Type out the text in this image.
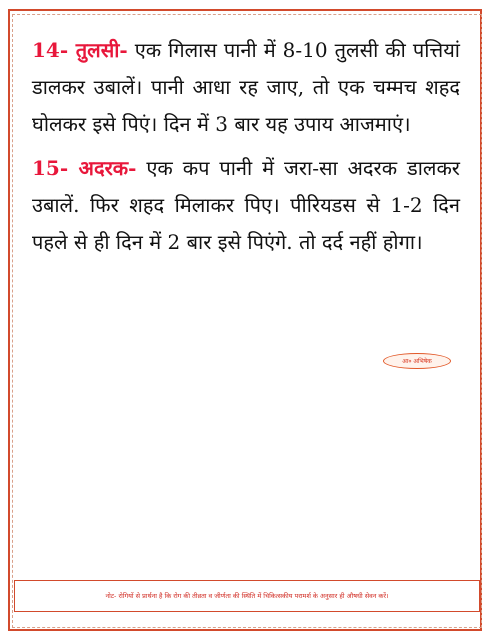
14- तुलसी- एक गिलास पानी में 8-10 तुलसी की पत्तियां डालकर उबालें। पानी आधा रह जाए, तो एक चम्मच शहद घोलकर इसे पिएं। दिन में 3 बार यह उपाय आजमाएं।

15- अदरक- एक कप पानी में जरा-सा अदरक डालकर उबालें. फिर शहद मिलाकर पिए। पीरियडस से 1-2 दिन पहले से ही दिन में 2 बार इसे पिएंगे. तो दर्द नहीं होगा।

आ० अभिषेक
नोट- रोगियों से प्रार्थना है कि रोग की तीव्रता व जीर्णता की स्थिति में चिकित्सकीय परामर्श के अनुसार ही औषधी सेवन करें।
